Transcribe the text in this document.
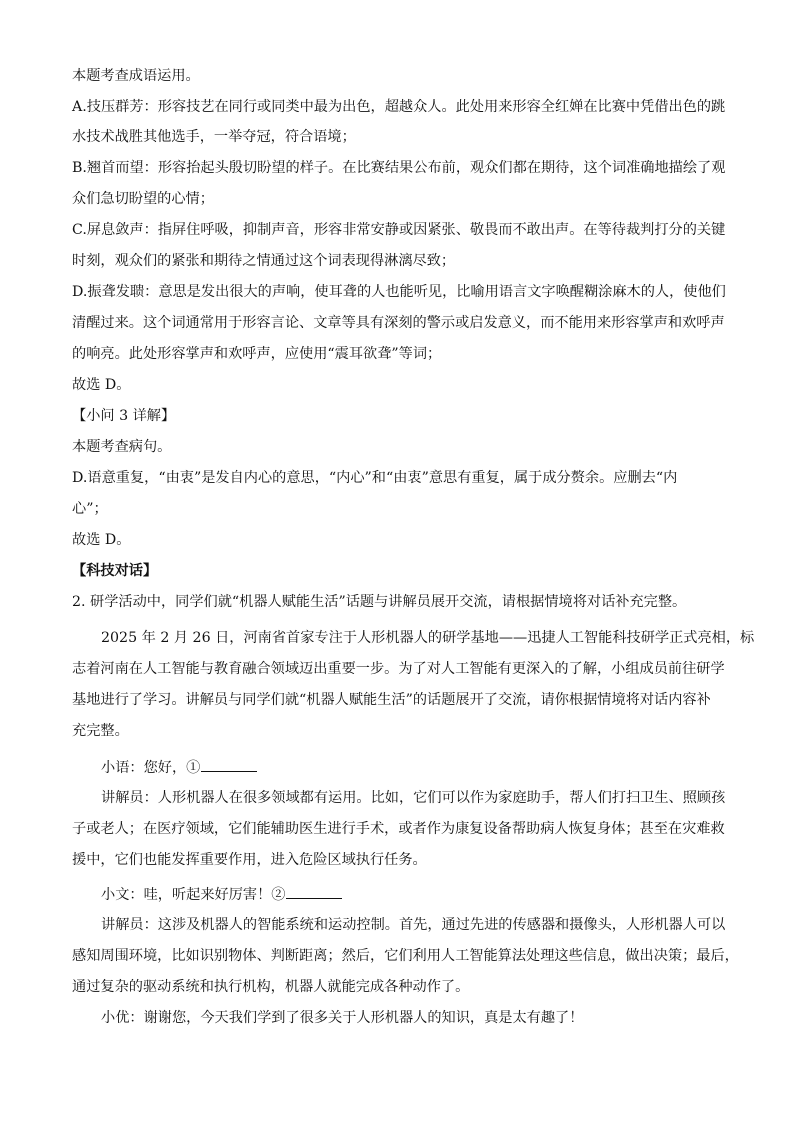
本题考查成语运用。
A.技压群芳：形容技艺在同行或同类中最为出色，超越众人。此处用来形容全红婵在比赛中凭借出色的跳
水技术战胜其他选手，一举夺冠，符合语境；
B.翘首而望：形容抬起头殷切盼望的样子。在比赛结果公布前，观众们都在期待，这个词准确地描绘了观
众们急切盼望的心情；
C.屏息敛声：指屏住呼吸，抑制声音，形容非常安静或因紧张、敬畏而不敢出声。在等待裁判打分的关键
时刻，观众们的紧张和期待之情通过这个词表现得淋漓尽致；
D.振聋发聩：意思是发出很大的声响，使耳聋的人也能听见，比喻用语言文字唤醒糊涂麻木的人，使他们
清醒过来。这个词通常用于形容言论、文章等具有深刻的警示或启发意义，而不能用来形容掌声和欢呼声
的响亮。此处形容掌声和欢呼声，应使用“震耳欲聋”等词；
故选 D。
【小问 3 详解】
本题考查病句。
D.语意重复，“由衷”是发自内心的意思，“内心”和“由衷”意思有重复，属于成分赘余。应删去“内
心”；
故选 D。
【科技对话】
2. 研学活动中，同学们就“机器人赋能生活”话题与讲解员展开交流，请根据情境将对话补充完整。
2025 年 2 月 26 日，河南省首家专注于人形机器人的研学基地——迅捷人工智能科技研学正式亮相，标
志着河南在人工智能与教育融合领域迈出重要一步。为了对人工智能有更深入的了解，小组成员前往研学
基地进行了学习。讲解员与同学们就“机器人赋能生活”的话题展开了交流，请你根据情境将对话内容补
充完整。
小语：您好，①
讲解员：人形机器人在很多领域都有运用。比如，它们可以作为家庭助手，帮人们打扫卫生、照顾孩
子或老人；在医疗领域，它们能辅助医生进行手术，或者作为康复设备帮助病人恢复身体；甚至在灾难救
援中，它们也能发挥重要作用，进入危险区域执行任务。
小文：哇，听起来好厉害！②
讲解员：这涉及机器人的智能系统和运动控制。首先，通过先进的传感器和摄像头，人形机器人可以
感知周围环境，比如识别物体、判断距离；然后，它们利用人工智能算法处理这些信息，做出决策；最后，
通过复杂的驱动系统和执行机构，机器人就能完成各种动作了。
小优：谢谢您，今天我们学到了很多关于人形机器人的知识，真是太有趣了！
